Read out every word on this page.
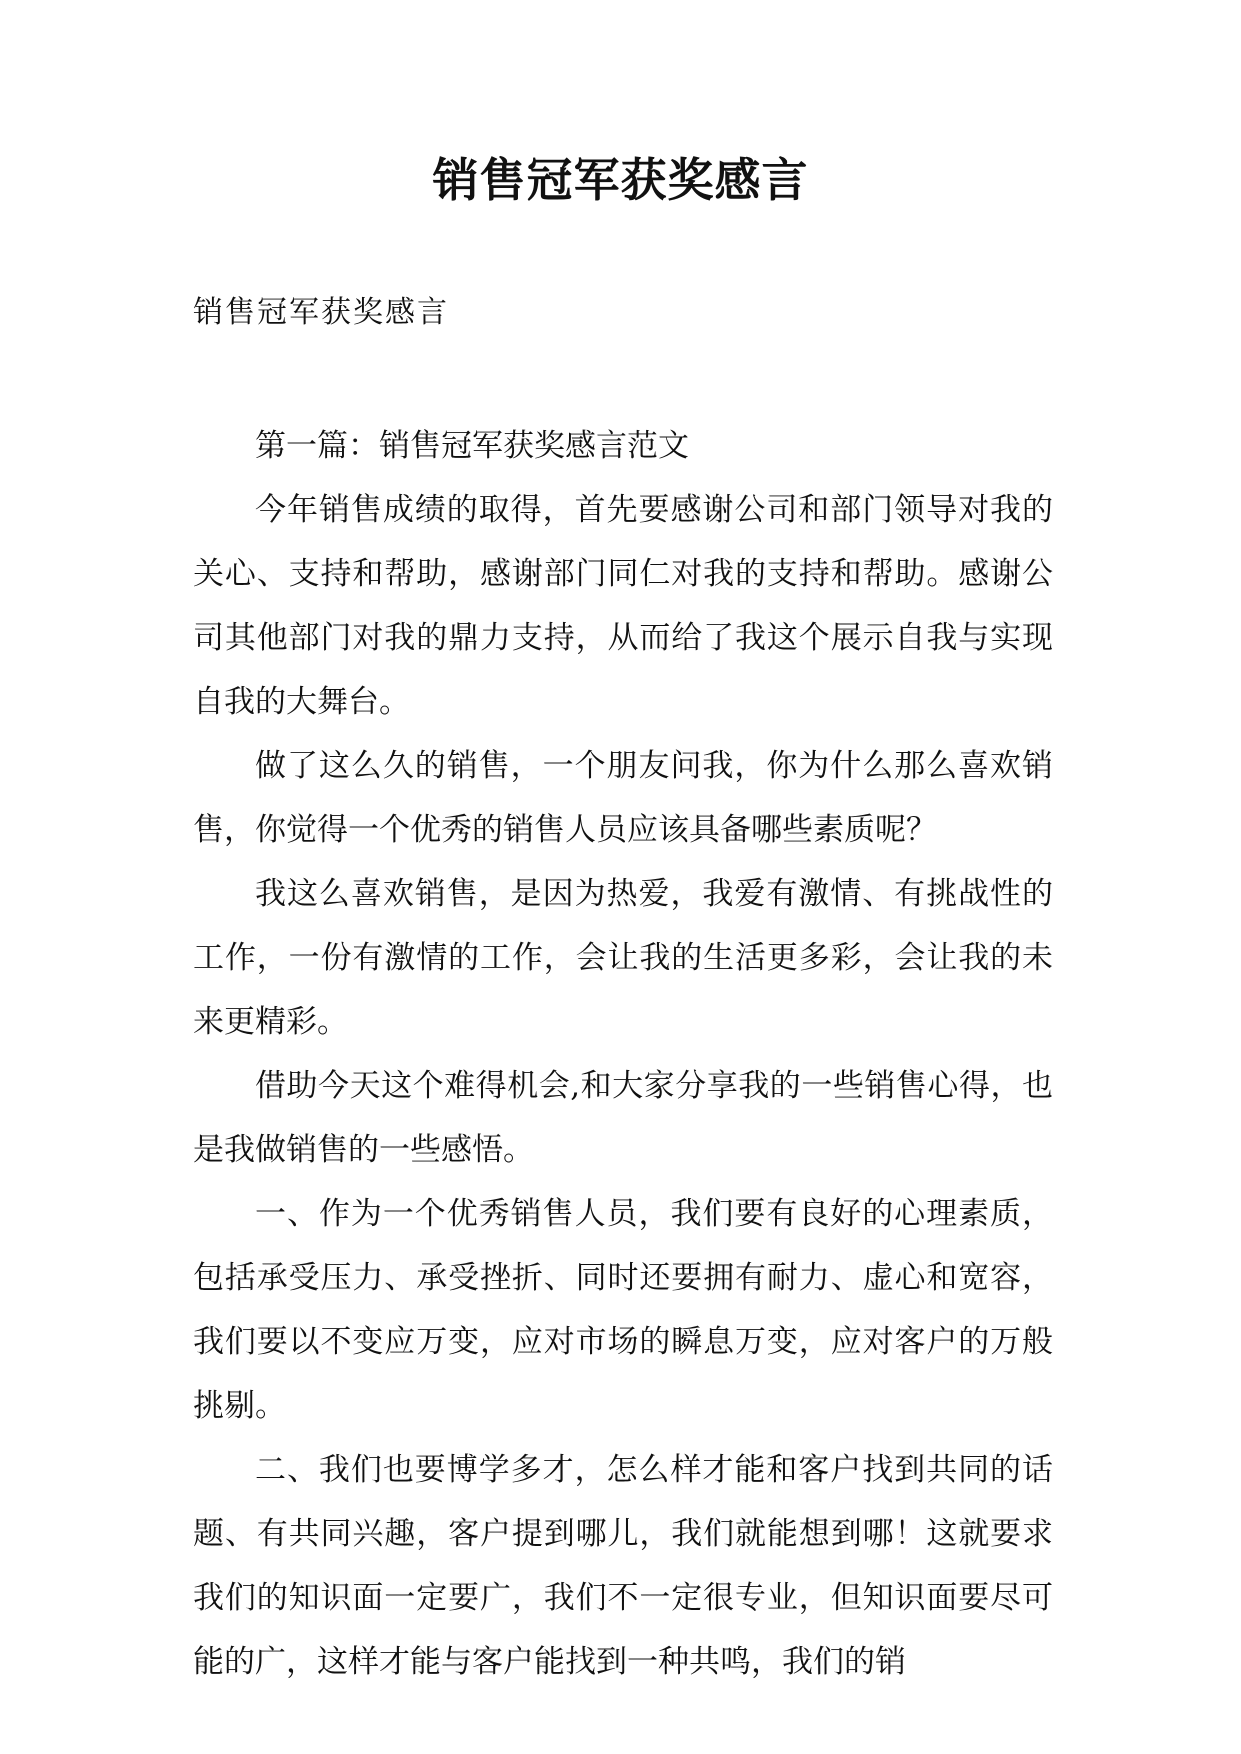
销售冠军获奖感言
销售冠军获奖感言

第一篇：销售冠军获奖感言范文

今年销售成绩的取得，首先要感谢公司和部门领导对我的关心、支持和帮助，感谢部门同仁对我的支持和帮助。感谢公司其他部门对我的鼎力支持，从而给了我这个展示自我与实现自我的大舞台。

做了这么久的销售，一个朋友问我，你为什么那么喜欢销售，你觉得一个优秀的销售人员应该具备哪些素质呢？

我这么喜欢销售，是因为热爱，我爱有激情、有挑战性的工作，一份有激情的工作，会让我的生活更多彩，会让我的未来更精彩。

借助今天这个难得机会,和大家分享我的一些销售心得，也是我做销售的一些感悟。

一、作为一个优秀销售人员，我们要有良好的心理素质，包括承受压力、承受挫折、同时还要拥有耐力、虚心和宽容，我们要以不变应万变，应对市场的瞬息万变，应对客户的万般挑剔。

二、我们也要博学多才，怎么样才能和客户找到共同的话题、有共同兴趣，客户提到哪儿，我们就能想到哪！这就要求我们的知识面一定要广，我们不一定很专业，但知识面要尽可能的广，这样才能与客户能找到一种共鸣，我们的销
